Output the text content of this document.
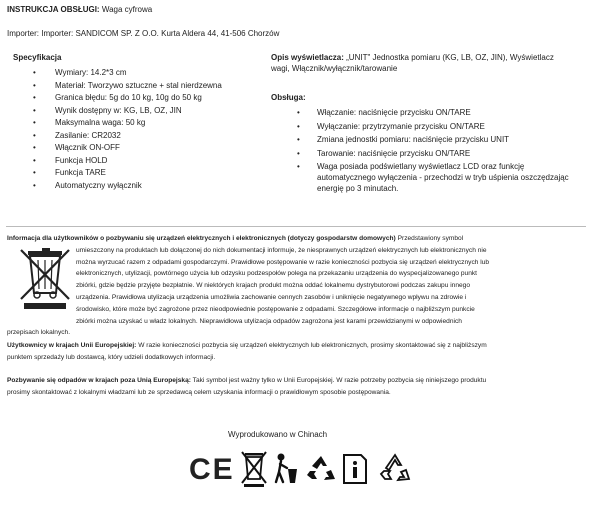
INSTRUKCJA OBSŁUGI: Waga cyfrowa
Importer: Importer: SANDICOM SP. Z O.O. Kurta Aldera 44, 41-506 Chorzów
Specyfikacja
• Wymiary: 14.2*3 cm
• Materiał: Tworzywo sztuczne + stal nierdzewna
• Granica błędu: 5g do 10 kg, 10g do 50 kg
• Wynik dostępny w: KG, LB, OZ, JIN
• Maksymalna waga: 50 kg
• Zasilanie: CR2032
• Włącznik ON-OFF
• Funkcja HOLD
• Funkcja TARE
• Automatyczny wyłącznik
Opis wyświetlacza: „UNIT" Jednostka pomiaru (KG, LB, OZ, JIN), Wyświetlacz wagi, Włącznik/wyłącznik/tarowanie
Obsługa:
• Włączanie: naciśnięcie przycisku ON/TARE
• Wyłączanie: przytrzymanie przycisku ON/TARE
• Zmiana jednostki pomiaru: naciśnięcie przycisku UNIT
• Tarowanie: naciśnięcie przycisku ON/TARE
• Waga posiada podświetlany wyświetlacz LCD oraz funkcję automatycznego wyłączenia - przechodzi w tryb uśpienia oszczędzając energię po 3 minutach.
Informacja dla użytkowników o pozbywaniu się urządzeń elektrycznych i elektronicznych (dotyczy gospodarstw domowych) Przedstawiony symbol
umieszczony na produktach lub dołączonej do nich dokumentacji informuje, że niesprawnych urządzeń elektrycznych lub elektronicznych nie
można wyrzucać razem z odpadami gospodarczymi. Prawidłowe postępowanie w razie konieczności pozbycia się urządzeń elektrycznych lub
elektronicznych, utylizacji, powtórnego użycia lub odzysku podzespołów polega na przekazaniu urządzenia do wyspecjalizowanego punkt
zbiórki, gdzie będzie przyjęte bezpłatnie. W niektórych krajach produkt można oddać lokalnemu dystrybutorowi podczas zakupu innego
urządzenia. Prawidłowa utylizacja urządzenia umożliwia zachowanie cennych zasobów i uniknięcie negatywnego wpływu na zdrowie i
środowisko, które może być zagrożone przez nieodpowiednie postępowanie z odpadami. Szczegółowe informacje o najbliższym punkcie
zbiórki można uzyskać u władz lokalnych. Nieprawidłowa utylizacja odpadów zagrożona jest karami przewidzianymi w odpowiednich
przepisach lokalnych.
Użytkownicy w krajach Unii Europejskiej: W razie konieczności pozbycia się urządzeń elektrycznych lub elektronicznych, prosimy skontaktować się z najbliższym
punktem sprzedaży lub dostawcą, który udzieli dodatkowych informacji.
Pozbywanie się odpadów w krajach poza Unią Europejską: Taki symbol jest ważny tylko w Unii Europejskiej. W razie potrzeby pozbycia się niniejszego produktu
prosimy skontaktować z lokalnymi władzami lub ze sprzedawcą celem uzyskania informacji o prawidłowym sposobie postępowania.
Wyprodukowano w Chinach
CE
